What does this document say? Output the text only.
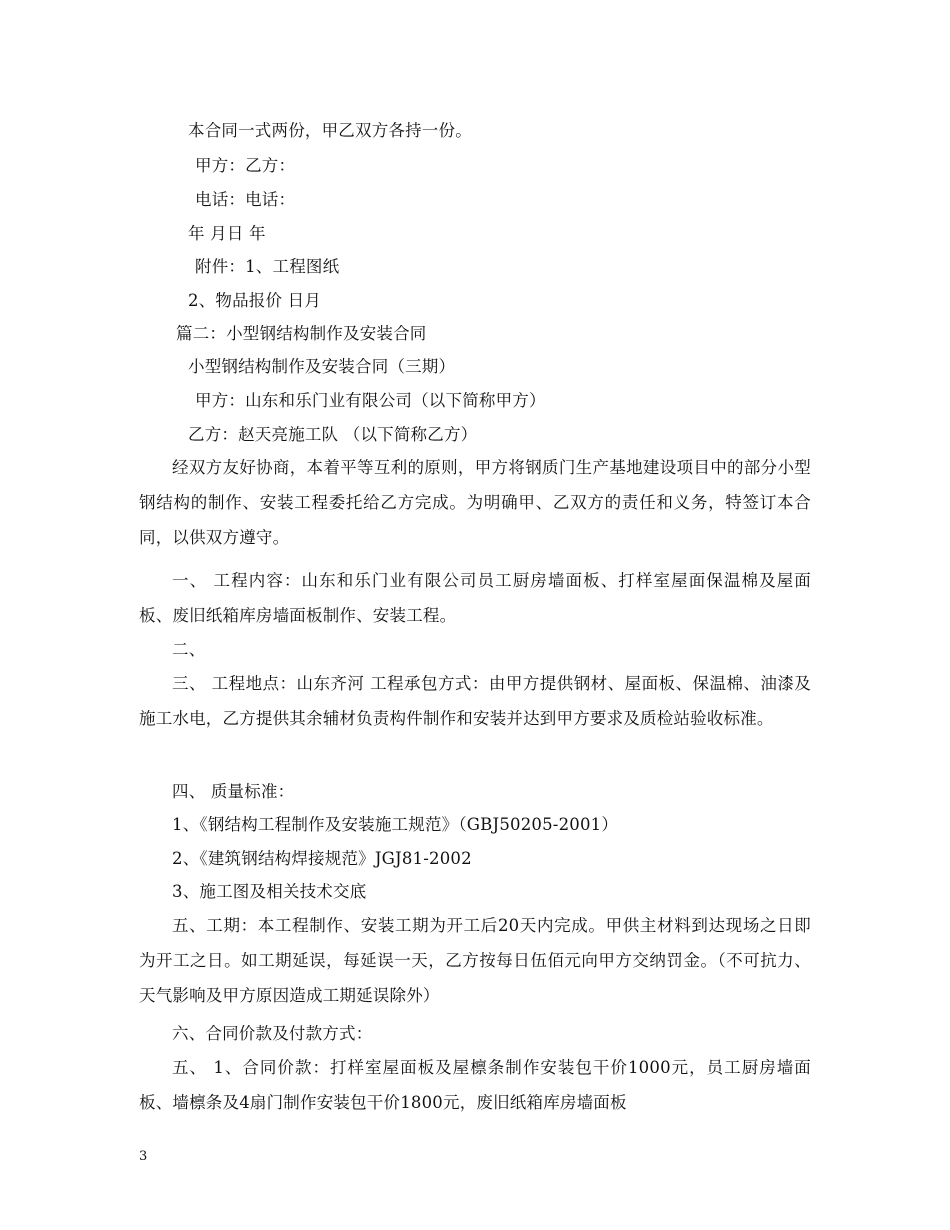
本合同一式两份，甲乙双方各持一份。
甲方：乙方：
电话：电话：
年 月日 年
附件：1、工程图纸
2、物品报价 日月
篇二：小型钢结构制作及安装合同
小型钢结构制作及安装合同（三期）
甲方：山东和乐门业有限公司（以下简称甲方）
乙方：赵天亮施工队 （以下简称乙方）
经双方友好协商，本着平等互利的原则，甲方将钢质门生产基地建设项目中的部分小型钢结构的制作、安装工程委托给乙方完成。为明确甲、乙双方的责任和义务，特签订本合同，以供双方遵守。
一、 工程内容：山东和乐门业有限公司员工厨房墙面板、打样室屋面保温棉及屋面板、废旧纸箱库房墙面板制作、安装工程。
二、
三、 工程地点：山东齐河 工程承包方式：由甲方提供钢材、屋面板、保温棉、油漆及施工水电，乙方提供其余辅材负责构件制作和安装并达到甲方要求及质检站验收标准。
四、 质量标准：
1、《钢结构工程制作及安装施工规范》（GBJ50205-2001）
2、《建筑钢结构焊接规范》JGJ81-2002
3、施工图及相关技术交底
五、工期：本工程制作、安装工期为开工后20天内完成。甲供主材料到达现场之日即为开工之日。如工期延误，每延误一天，乙方按每日伍佰元向甲方交纳罚金。（不可抗力、天气影响及甲方原因造成工期延误除外）
六、合同价款及付款方式：
五、 1、合同价款：打样室屋面板及屋檩条制作安装包干价1000元，员工厨房墙面板、墙檩条及4扇门制作安装包干价1800元，废旧纸箱库房墙面板
3
